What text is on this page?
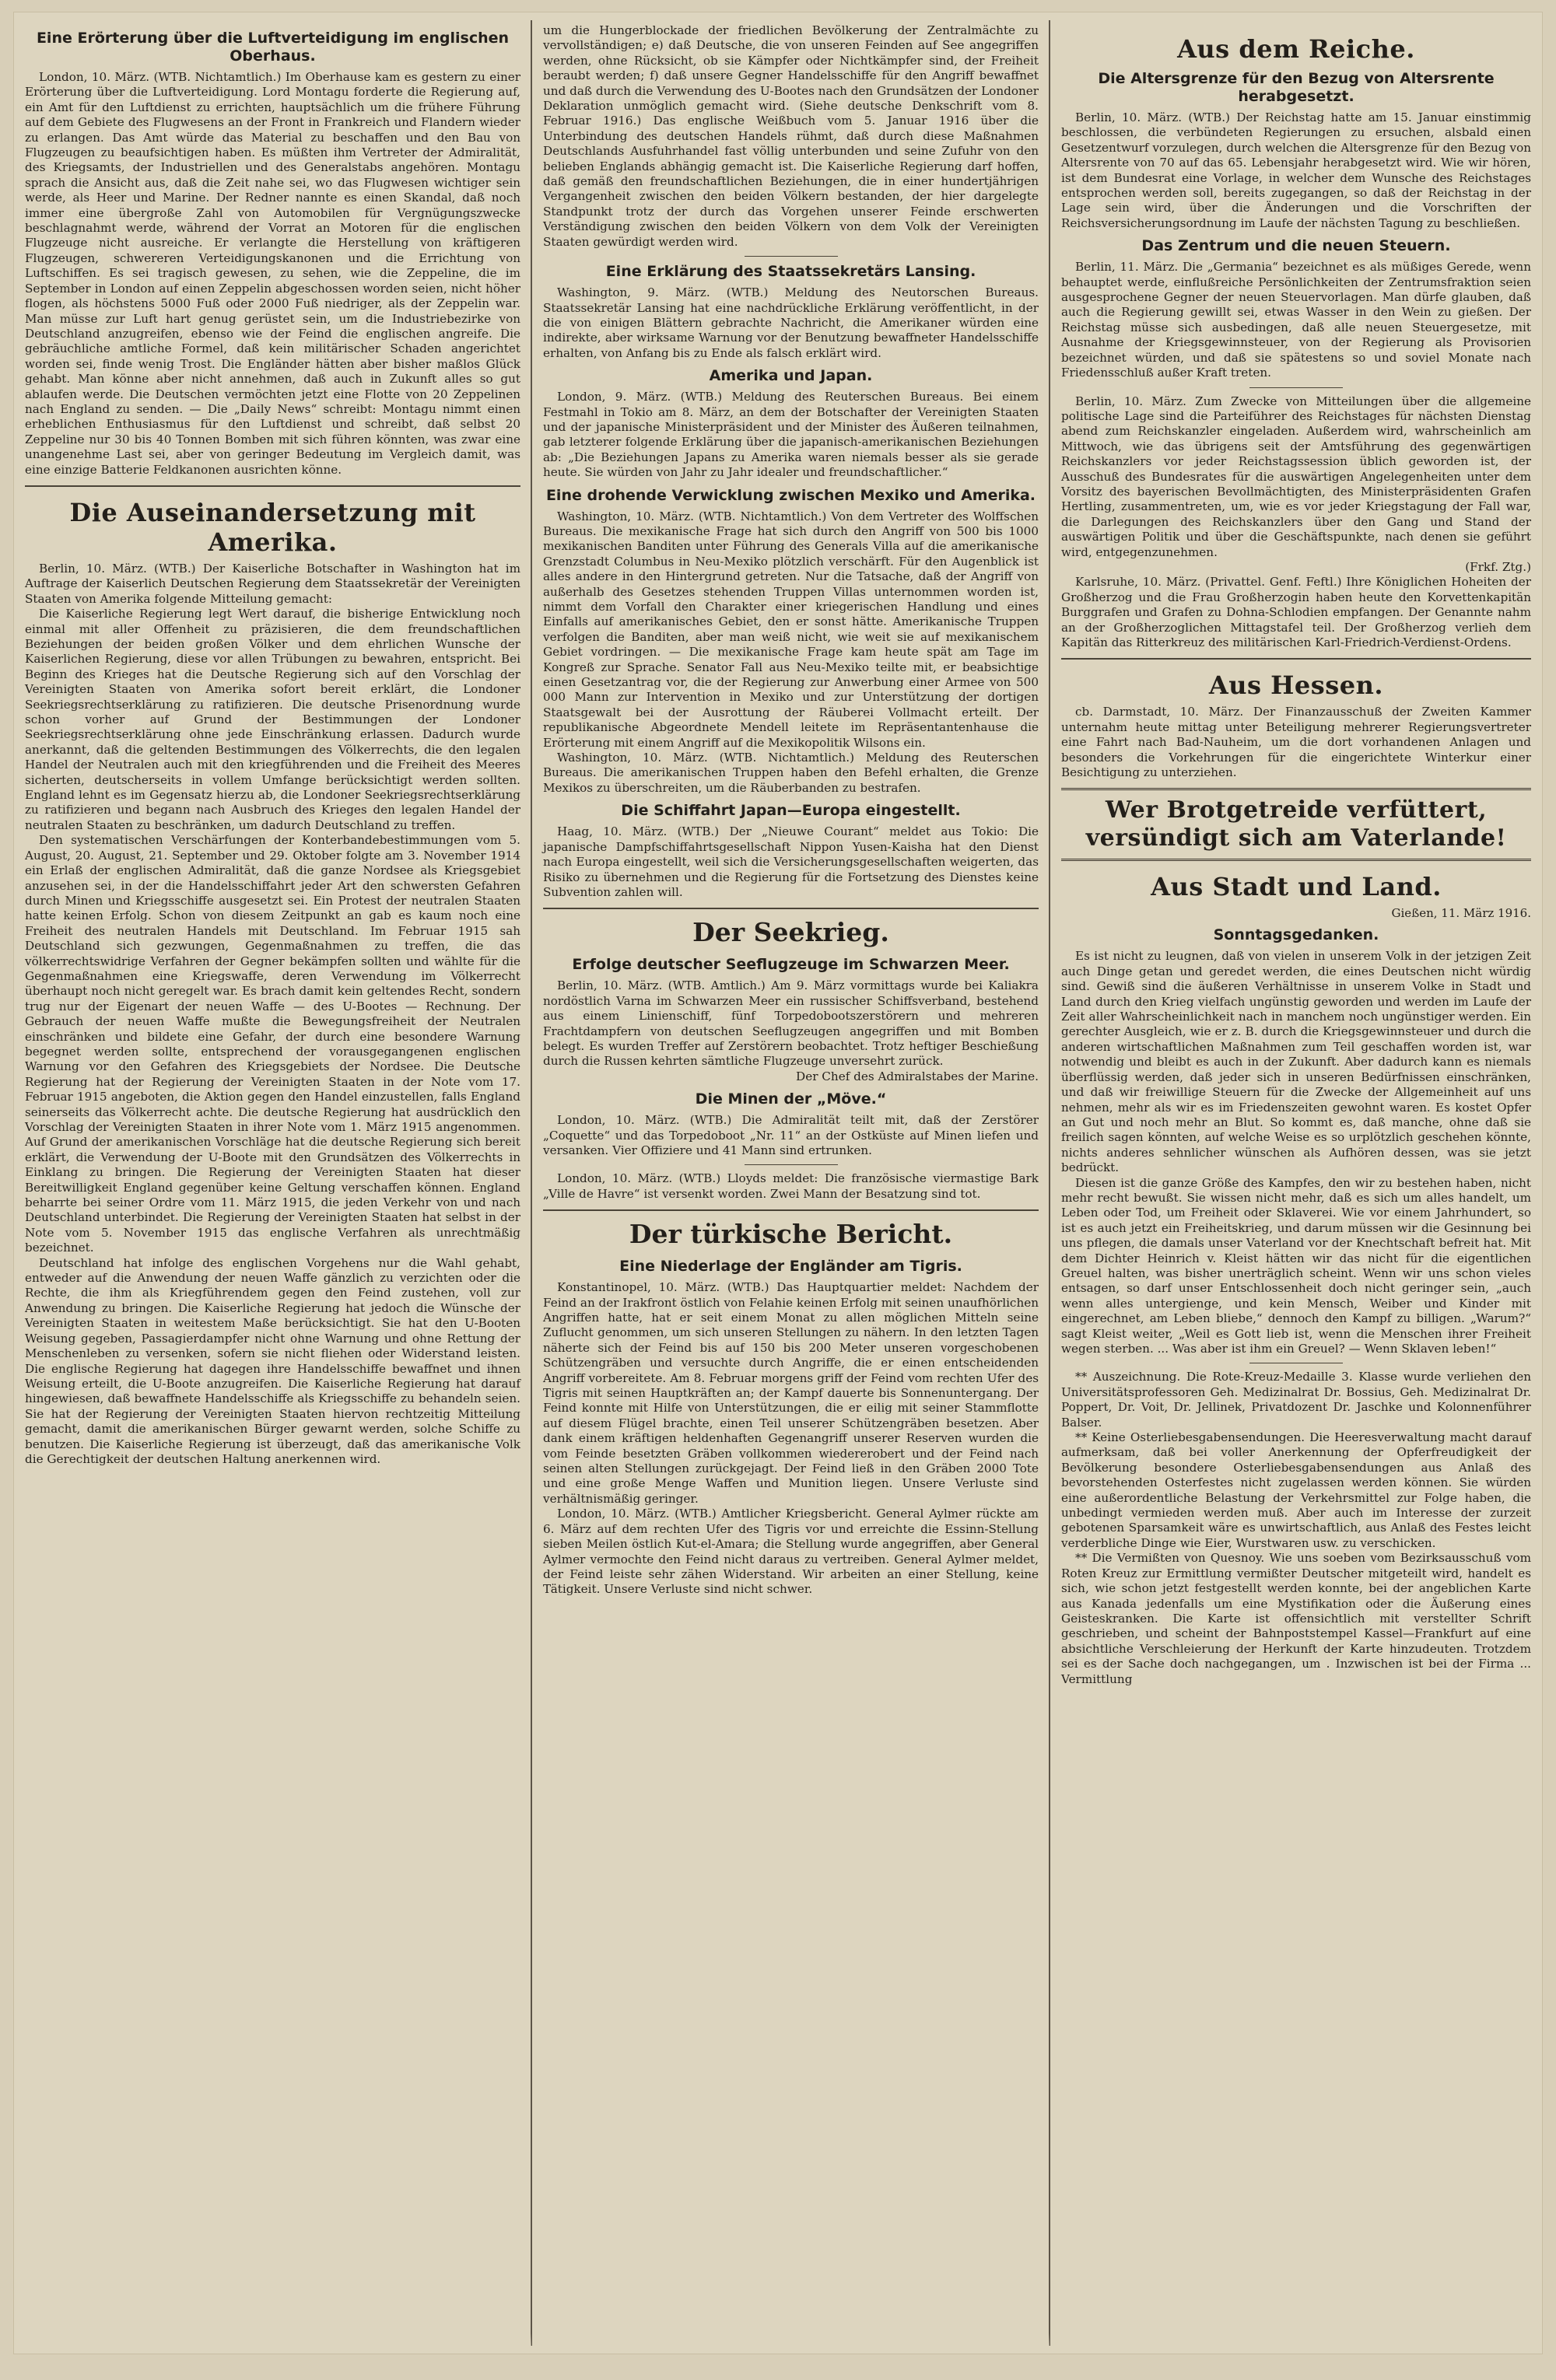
Eine Erörterung über die Luftverteidigung im englischen Oberhaus.

London, 10. März. (WTB. Nichtamtlich.) Im Oberhause kam es gestern zu einer Erörterung über die Luftverteidigung. Lord Montagu forderte die Regierung auf, ein Amt für den Luftdienst zu errichten, hauptsächlich um die frühere Führung auf dem Gebiete des Flugwesens an der Front in Frankreich und Flandern wieder zu erlangen. Das Amt würde das Material zu beschaffen und den Bau von Flugzeugen zu beaufsichtigen haben. Es müßten ihm Vertreter der Admiralität, des Kriegsamts, der Industriellen und des Generalstabs angehören. Montagu sprach die Ansicht aus, daß die Zeit nahe sei, wo das Flugwesen wichtiger sein werde, als Heer und Marine. Der Redner nannte es einen Skandal, daß noch immer eine übergroße Zahl von Automobilen für Vergnügungszwecke beschlagnahmt werde, während der Vorrat an Motoren für die englischen Flugzeuge nicht ausreiche. Er verlangte die Herstellung von kräftigeren Flugzeugen, schwereren Verteidigungskanonen und die Errichtung von Luftschiffen. Es sei tragisch gewesen, zu sehen, wie die Zeppeline, die im September in London auf einen Zeppelin abgeschossen worden seien, nicht höher flogen, als höchstens 5000 Fuß oder 2000 Fuß niedriger, als der Zeppelin war. Man müsse zur Luft hart genug gerüstet sein, um die Industriebezirke von Deutschland anzugreifen, ebenso wie der Feind die englischen angreife. Die gebräuchliche amtliche Formel, daß kein militärischer Schaden angerichtet worden sei, finde wenig Trost. Die Engländer hätten aber bisher maßlos Glück gehabt. Man könne aber nicht annehmen, daß auch in Zukunft alles so gut ablaufen werde. Die Deutschen vermöchten jetzt eine Flotte von 20 Zeppelinen nach England zu senden. — Die „Daily News“ schreibt: Montagu nimmt einen erheblichen Enthusiasmus für den Luftdienst und schreibt, daß selbst 20 Zeppeline nur 30 bis 40 Tonnen Bomben mit sich führen könnten, was zwar eine unangenehme Last sei, aber von geringer Bedeutung im Vergleich damit, was eine einzige Batterie Feldkanonen ausrichten könne.

Die Auseinandersetzung mit Amerika.

Berlin, 10. März. (WTB.) Der Kaiserliche Botschafter in Washington hat im Auftrage der Kaiserlich Deutschen Regierung dem Staatssekretär der Vereinigten Staaten von Amerika folgende Mitteilung gemacht:

Die Kaiserliche Regierung legt Wert darauf, die bisherige Entwicklung noch einmal mit aller Offenheit zu präzisieren, die dem freundschaftlichen Beziehungen der beiden großen Völker und dem ehrlichen Wunsche der Kaiserlichen Regierung, diese vor allen Trübungen zu bewahren, entspricht. Bei Beginn des Krieges hat die Deutsche Regierung sich auf den Vorschlag der Vereinigten Staaten von Amerika sofort bereit erklärt, die Londoner Seekriegsrechtserklärung zu ratifizieren. Die deutsche Prisenordnung wurde schon vorher auf Grund der Bestimmungen der Londoner Seekriegsrechtserklärung ohne jede Einschränkung erlassen. Dadurch wurde anerkannt, daß die geltenden Bestimmungen des Völkerrechts, die den legalen Handel der Neutralen auch mit den kriegführenden und die Freiheit des Meeres sicherten, deutscherseits in vollem Umfange berücksichtigt werden sollten. England lehnt es im Gegensatz hierzu ab, die Londoner Seekriegsrechtserklärung zu ratifizieren und begann nach Ausbruch des Krieges den legalen Handel der neutralen Staaten zu beschränken, um dadurch Deutschland zu treffen.

Den systematischen Verschärfungen der Konterbandebestimmungen vom 5. August, 20. August, 21. September und 29. Oktober folgte am 3. November 1914 ein Erlaß der englischen Admiralität, daß die ganze Nordsee als Kriegsgebiet anzusehen sei, in der die Handelsschiffahrt jeder Art den schwersten Gefahren durch Minen und Kriegsschiffe ausgesetzt sei. Ein Protest der neutralen Staaten hatte keinen Erfolg. Schon von diesem Zeitpunkt an gab es kaum noch eine Freiheit des neutralen Handels mit Deutschland. Im Februar 1915 sah Deutschland sich gezwungen, Gegenmaßnahmen zu treffen, die das völkerrechtswidrige Verfahren der Gegner bekämpfen sollten und wählte für die Gegenmaßnahmen eine Kriegswaffe, deren Verwendung im Völkerrecht überhaupt noch nicht geregelt war. Es brach damit kein geltendes Recht, sondern trug nur der Eigenart der neuen Waffe — des U-Bootes — Rechnung. Der Gebrauch der neuen Waffe mußte die Bewegungsfreiheit der Neutralen einschränken und bildete eine Gefahr, der durch eine besondere Warnung begegnet werden sollte, entsprechend der vorausgegangenen englischen Warnung vor den Gefahren des Kriegsgebiets der Nordsee. Die Deutsche Regierung hat der Regierung der Vereinigten Staaten in der Note vom 17. Februar 1915 angeboten, die Aktion gegen den Handel einzustellen, falls England seinerseits das Völkerrecht achte. Die deutsche Regierung hat ausdrücklich den Vorschlag der Vereinigten Staaten in ihrer Note vom 1. März 1915 angenommen. Auf Grund der amerikanischen Vorschläge hat die deutsche Regierung sich bereit erklärt, die Verwendung der U-Boote mit den Grundsätzen des Völkerrechts in Einklang zu bringen. Die Regierung der Vereinigten Staaten hat dieser Bereitwilligkeit England gegenüber keine Geltung verschaffen können. England beharrte bei seiner Ordre vom 11. März 1915, die jeden Verkehr von und nach Deutschland unterbindet. Die Regierung der Vereinigten Staaten hat selbst in der Note vom 5. November 1915 das englische Verfahren als unrechtmäßig bezeichnet.

Deutschland hat infolge des englischen Vorgehens nur die Wahl gehabt, entweder auf die Anwendung der neuen Waffe gänzlich zu verzichten oder die Rechte, die ihm als Kriegführendem gegen den Feind zustehen, voll zur Anwendung zu bringen. Die Kaiserliche Regierung hat jedoch die Wünsche der Vereinigten Staaten in weitestem Maße berücksichtigt. Sie hat den U-Booten Weisung gegeben, Passagierdampfer nicht ohne Warnung und ohne Rettung der Menschenleben zu versenken, sofern sie nicht fliehen oder Widerstand leisten. Die englische Regierung hat dagegen ihre Handelsschiffe bewaffnet und ihnen Weisung erteilt, die U-Boote anzugreifen. Die Kaiserliche Regierung hat darauf hingewiesen, daß bewaffnete Handelsschiffe als Kriegsschiffe zu behandeln seien. Sie hat der Regierung der Vereinigten Staaten hiervon rechtzeitig Mitteilung gemacht, damit die amerikanischen Bürger gewarnt werden, solche Schiffe zu benutzen. Die Kaiserliche Regierung ist überzeugt, daß das amerikanische Volk die Gerechtigkeit der deutschen Haltung anerkennen wird.

um die Hungerblockade der friedlichen Bevölkerung der Zentralmächte zu vervollständigen; e) daß Deutsche, die von unseren Feinden auf See angegriffen werden, ohne Rücksicht, ob sie Kämpfer oder Nichtkämpfer sind, der Freiheit beraubt werden; f) daß unsere Gegner Handelsschiffe für den Angriff bewaffnet und daß durch die Verwendung des U-Bootes nach den Grundsätzen der Londoner Deklaration unmöglich gemacht wird. (Siehe deutsche Denkschrift vom 8. Februar 1916.) Das englische Weißbuch vom 5. Januar 1916 über die Unterbindung des deutschen Handels rühmt, daß durch diese Maßnahmen Deutschlands Ausfuhrhandel fast völlig unterbunden und seine Zufuhr von den belieben Englands abhängig gemacht ist. Die Kaiserliche Regierung darf hoffen, daß gemäß den freundschaftlichen Beziehungen, die in einer hundertjährigen Vergangenheit zwischen den beiden Völkern bestanden, der hier dargelegte Standpunkt trotz der durch das Vorgehen unserer Feinde erschwerten Verständigung zwischen den beiden Völkern von dem Volk der Vereinigten Staaten gewürdigt werden wird.

Eine Erklärung des Staatssekretärs Lansing.

Washington, 9. März. (WTB.) Meldung des Neutorschen Bureaus. Staatssekretär Lansing hat eine nachdrückliche Erklärung veröffentlicht, in der die von einigen Blättern gebrachte Nachricht, die Amerikaner würden eine indirekte, aber wirksame Warnung vor der Benutzung bewaffneter Handelsschiffe erhalten, von Anfang bis zu Ende als falsch erklärt wird.

Amerika und Japan.

London, 9. März. (WTB.) Meldung des Reuterschen Bureaus. Bei einem Festmahl in Tokio am 8. März, an dem der Botschafter der Vereinigten Staaten und der japanische Ministerpräsident und der Minister des Äußeren teilnahmen, gab letzterer folgende Erklärung über die japanisch-amerikanischen Beziehungen ab: „Die Beziehungen Japans zu Amerika waren niemals besser als sie gerade heute. Sie würden von Jahr zu Jahr idealer und freundschaftlicher.“

Eine drohende Verwicklung zwischen Mexiko und Amerika.

Washington, 10. März. (WTB. Nichtamtlich.) Von dem Vertreter des Wolffschen Bureaus. Die mexikanische Frage hat sich durch den Angriff von 500 bis 1000 mexikanischen Banditen unter Führung des Generals Villa auf die amerikanische Grenzstadt Columbus in Neu-Mexiko plötzlich verschärft. Für den Augenblick ist alles andere in den Hintergrund getreten. Nur die Tatsache, daß der Angriff von außerhalb des Gesetzes stehenden Truppen Villas unternommen worden ist, nimmt dem Vorfall den Charakter einer kriegerischen Handlung und eines Einfalls auf amerikanisches Gebiet, den er sonst hätte. Amerikanische Truppen verfolgen die Banditen, aber man weiß nicht, wie weit sie auf mexikanischem Gebiet vordringen. — Die mexikanische Frage kam heute spät am Tage im Kongreß zur Sprache. Senator Fall aus Neu-Mexiko teilte mit, er beabsichtige einen Gesetzantrag vor, die der Regierung zur Anwerbung einer Armee von 500 000 Mann zur Intervention in Mexiko und zur Unterstützung der dortigen Staatsgewalt bei der Ausrottung der Räuberei Vollmacht erteilt. Der republikanische Abgeordnete Mendell leitete im Repräsentantenhause die Erörterung mit einem Angriff auf die Mexikopolitik Wilsons ein.

Washington, 10. März. (WTB. Nichtamtlich.) Meldung des Reuterschen Bureaus. Die amerikanischen Truppen haben den Befehl erhalten, die Grenze Mexikos zu überschreiten, um die Räuberbanden zu bestrafen.

Die Schiffahrt Japan—Europa eingestellt.

Haag, 10. März. (WTB.) Der „Nieuwe Courant“ meldet aus Tokio: Die japanische Dampfschiffahrtsgesellschaft Nippon Yusen-Kaisha hat den Dienst nach Europa eingestellt, weil sich die Versicherungsgesellschaften weigerten, das Risiko zu übernehmen und die Regierung für die Fortsetzung des Dienstes keine Subvention zahlen will.

Der Seekrieg.
Erfolge deutscher Seeflugzeuge im Schwarzen Meer.

Berlin, 10. März. (WTB. Amtlich.) Am 9. März vormittags wurde bei Kaliakra nordöstlich Varna im Schwarzen Meer ein russischer Schiffsverband, bestehend aus einem Linienschiff, fünf Torpedobootszerstörern und mehreren Frachtdampfern von deutschen Seeflugzeugen angegriffen und mit Bomben belegt. Es wurden Treffer auf Zerstörern beobachtet. Trotz heftiger Beschießung durch die Russen kehrten sämtliche Flugzeuge unversehrt zurück.

Der Chef des Admiralstabes der Marine.

Die Minen der „Möve.“

London, 10. März. (WTB.) Die Admiralität teilt mit, daß der Zerstörer „Coquette“ und das Torpedoboot „Nr. 11“ an der Ostküste auf Minen liefen und versanken. Vier Offiziere und 41 Mann sind ertrunken.

London, 10. März. (WTB.) Lloyds meldet: Die französische viermastige Bark „Ville de Havre“ ist versenkt worden. Zwei Mann der Besatzung sind tot.

Der türkische Bericht.
Eine Niederlage der Engländer am Tigris.

Konstantinopel, 10. März. (WTB.) Das Hauptquartier meldet: Nachdem der Feind an der Irakfront östlich von Felahie keinen Erfolg mit seinen unaufhörlichen Angriffen hatte, hat er seit einem Monat zu allen möglichen Mitteln seine Zuflucht genommen, um sich unseren Stellungen zu nähern. In den letzten Tagen näherte sich der Feind bis auf 150 bis 200 Meter unseren vorgeschobenen Schützengräben und versuchte durch Angriffe, die er einen entscheidenden Angriff vorbereitete. Am 8. Februar morgens griff der Feind vom rechten Ufer des Tigris mit seinen Hauptkräften an; der Kampf dauerte bis Sonnenuntergang. Der Feind konnte mit Hilfe von Unterstützungen, die er eilig mit seiner Stammflotte auf diesem Flügel brachte, einen Teil unserer Schützengräben besetzen. Aber dank einem kräftigen heldenhaften Gegenangriff unserer Reserven wurden die vom Feinde besetzten Gräben vollkommen wiedererobert und der Feind nach seinen alten Stellungen zurückgejagt. Der Feind ließ in den Gräben 2000 Tote und eine große Menge Waffen und Munition liegen. Unsere Verluste sind verhältnismäßig geringer.

London, 10. März. (WTB.) Amtlicher Kriegsbericht. General Aylmer rückte am 6. März auf dem rechten Ufer des Tigris vor und erreichte die Essinn-Stellung sieben Meilen östlich Kut-el-Amara; die Stellung wurde angegriffen, aber General Aylmer vermochte den Feind nicht daraus zu vertreiben. General Aylmer meldet, der Feind leiste sehr zähen Widerstand. Wir arbeiten an einer Stellung, keine Tätigkeit. Unsere Verluste sind nicht schwer.

Aus dem Reiche.
Die Altersgrenze für den Bezug von Altersrente herabgesetzt.

Berlin, 10. März. (WTB.) Der Reichstag hatte am 15. Januar einstimmig beschlossen, die verbündeten Regierungen zu ersuchen, alsbald einen Gesetzentwurf vorzulegen, durch welchen die Altersgrenze für den Bezug von Altersrente von 70 auf das 65. Lebensjahr herabgesetzt wird. Wie wir hören, ist dem Bundesrat eine Vorlage, in welcher dem Wunsche des Reichstages entsprochen werden soll, bereits zugegangen, so daß der Reichstag in der Lage sein wird, über die Änderungen und die Vorschriften der Reichsversicherungsordnung im Laufe der nächsten Tagung zu beschließen.

Das Zentrum und die neuen Steuern.

Berlin, 11. März. Die „Germania“ bezeichnet es als müßiges Gerede, wenn behauptet werde, einflußreiche Persönlichkeiten der Zentrumsfraktion seien ausgesprochene Gegner der neuen Steuervorlagen. Man dürfe glauben, daß auch die Regierung gewillt sei, etwas Wasser in den Wein zu gießen. Der Reichstag müsse sich ausbedingen, daß alle neuen Steuergesetze, mit Ausnahme der Kriegsgewinnsteuer, von der Regierung als Provisorien bezeichnet würden, und daß sie spätestens so und soviel Monate nach Friedensschluß außer Kraft treten.

Berlin, 10. März. Zum Zwecke von Mitteilungen über die allgemeine politische Lage sind die Parteiführer des Reichstages für nächsten Dienstag abend zum Reichskanzler eingeladen. Außerdem wird, wahrscheinlich am Mittwoch, wie das übrigens seit der Amtsführung des gegenwärtigen Reichskanzlers vor jeder Reichstagssession üblich geworden ist, der Ausschuß des Bundesrates für die auswärtigen Angelegenheiten unter dem Vorsitz des bayerischen Bevollmächtigten, des Ministerpräsidenten Grafen Hertling, zusammentreten, um, wie es vor jeder Kriegstagung der Fall war, die Darlegungen des Reichskanzlers über den Gang und Stand der auswärtigen Politik und über die Geschäftspunkte, nach denen sie geführt wird, entgegenzunehmen.

(Frkf. Ztg.)

Karlsruhe, 10. März. (Privattel. Genf. Feftl.) Ihre Königlichen Hoheiten der Großherzog und die Frau Großherzogin haben heute den Korvettenkapitän Burggrafen und Grafen zu Dohna-Schlodien empfangen. Der Genannte nahm an der Großherzoglichen Mittagstafel teil. Der Großherzog verlieh dem Kapitän das Ritterkreuz des militärischen Karl-Friedrich-Verdienst-Ordens.

Aus Hessen.

cb. Darmstadt, 10. März. Der Finanzausschuß der Zweiten Kammer unternahm heute mittag unter Beteiligung mehrerer Regierungsvertreter eine Fahrt nach Bad-Nauheim, um die dort vorhandenen Anlagen und besonders die Vorkehrungen für die eingerichtete Winterkur einer Besichtigung zu unterziehen.

Wer Brotgetreide verfüttert, versündigt sich am Vaterlande!
Aus Stadt und Land.
Gießen, 11. März 1916.
Sonntagsgedanken.

Es ist nicht zu leugnen, daß von vielen in unserem Volk in der jetzigen Zeit auch Dinge getan und geredet werden, die eines Deutschen nicht würdig sind. Gewiß sind die äußeren Verhältnisse in unserem Volke in Stadt und Land durch den Krieg vielfach ungünstig geworden und werden im Laufe der Zeit aller Wahrscheinlichkeit nach in manchem noch ungünstiger werden. Ein gerechter Ausgleich, wie er z. B. durch die Kriegsgewinnsteuer und durch die anderen wirtschaftlichen Maßnahmen zum Teil geschaffen worden ist, war notwendig und bleibt es auch in der Zukunft. Aber dadurch kann es niemals überflüssig werden, daß jeder sich in unseren Bedürfnissen einschränken, und daß wir freiwillige Steuern für die Zwecke der Allgemeinheit auf uns nehmen, mehr als wir es im Friedenszeiten gewohnt waren. Es kostet Opfer an Gut und noch mehr an Blut. So kommt es, daß manche, ohne daß sie freilich sagen könnten, auf welche Weise es so urplötzlich geschehen könnte, nichts anderes sehnlicher wünschen als Aufhören dessen, was sie jetzt bedrückt.

Diesen ist die ganze Größe des Kampfes, den wir zu bestehen haben, nicht mehr recht bewußt. Sie wissen nicht mehr, daß es sich um alles handelt, um Leben oder Tod, um Freiheit oder Sklaverei. Wie vor einem Jahrhundert, so ist es auch jetzt ein Freiheitskrieg, und darum müssen wir die Gesinnung bei uns pflegen, die damals unser Vaterland vor der Knechtschaft befreit hat. Mit dem Dichter Heinrich v. Kleist hätten wir das nicht für die eigentlichen Greuel halten, was bisher unerträglich scheint. Wenn wir uns schon vieles entsagen, so darf unser Entschlossenheit doch nicht geringer sein, „auch wenn alles untergienge, und kein Mensch, Weiber und Kinder mit eingerechnet, am Leben bliebe,“ dennoch den Kampf zu billigen. „Warum?“ sagt Kleist weiter, „Weil es Gott lieb ist, wenn die Menschen ihrer Freiheit wegen sterben. ... Was aber ist ihm ein Greuel? — Wenn Sklaven leben!“

** Auszeichnung. Die Rote-Kreuz-Medaille 3. Klasse wurde verliehen den Universitätsprofessoren Geh. Medizinalrat Dr. Bossius, Geh. Medizinalrat Dr. Poppert, Dr. Voit, Dr. Jellinek, Privatdozent Dr. Jaschke und Kolonnenführer Balser.

** Keine Osterliebesgabensendungen. Die Heeresverwaltung macht darauf aufmerksam, daß bei voller Anerkennung der Opferfreudigkeit der Bevölkerung besondere Osterliebesgabensendungen aus Anlaß des bevorstehenden Osterfestes nicht zugelassen werden können. Sie würden eine außerordentliche Belastung der Verkehrsmittel zur Folge haben, die unbedingt vermieden werden muß. Aber auch im Interesse der zurzeit gebotenen Sparsamkeit wäre es unwirtschaftlich, aus Anlaß des Festes leicht verderbliche Dinge wie Eier, Wurstwaren usw. zu verschicken.

** Die Vermißten von Quesnoy. Wie uns soeben vom Bezirksausschuß vom Roten Kreuz zur Ermittlung vermißter Deutscher mitgeteilt wird, handelt es sich, wie schon jetzt festgestellt werden konnte, bei der angeblichen Karte aus Kanada jedenfalls um eine Mystifikation oder die Äußerung eines Geisteskranken. Die Karte ist offensichtlich mit verstellter Schrift geschrieben, und scheint der Bahnpoststempel Kassel—Frankfurt auf eine absichtliche Verschleierung der Herkunft der Karte hinzudeuten. Trotzdem sei es der Sache doch nachgegangen, um . Inzwischen ist bei der Firma ... Vermittlung
